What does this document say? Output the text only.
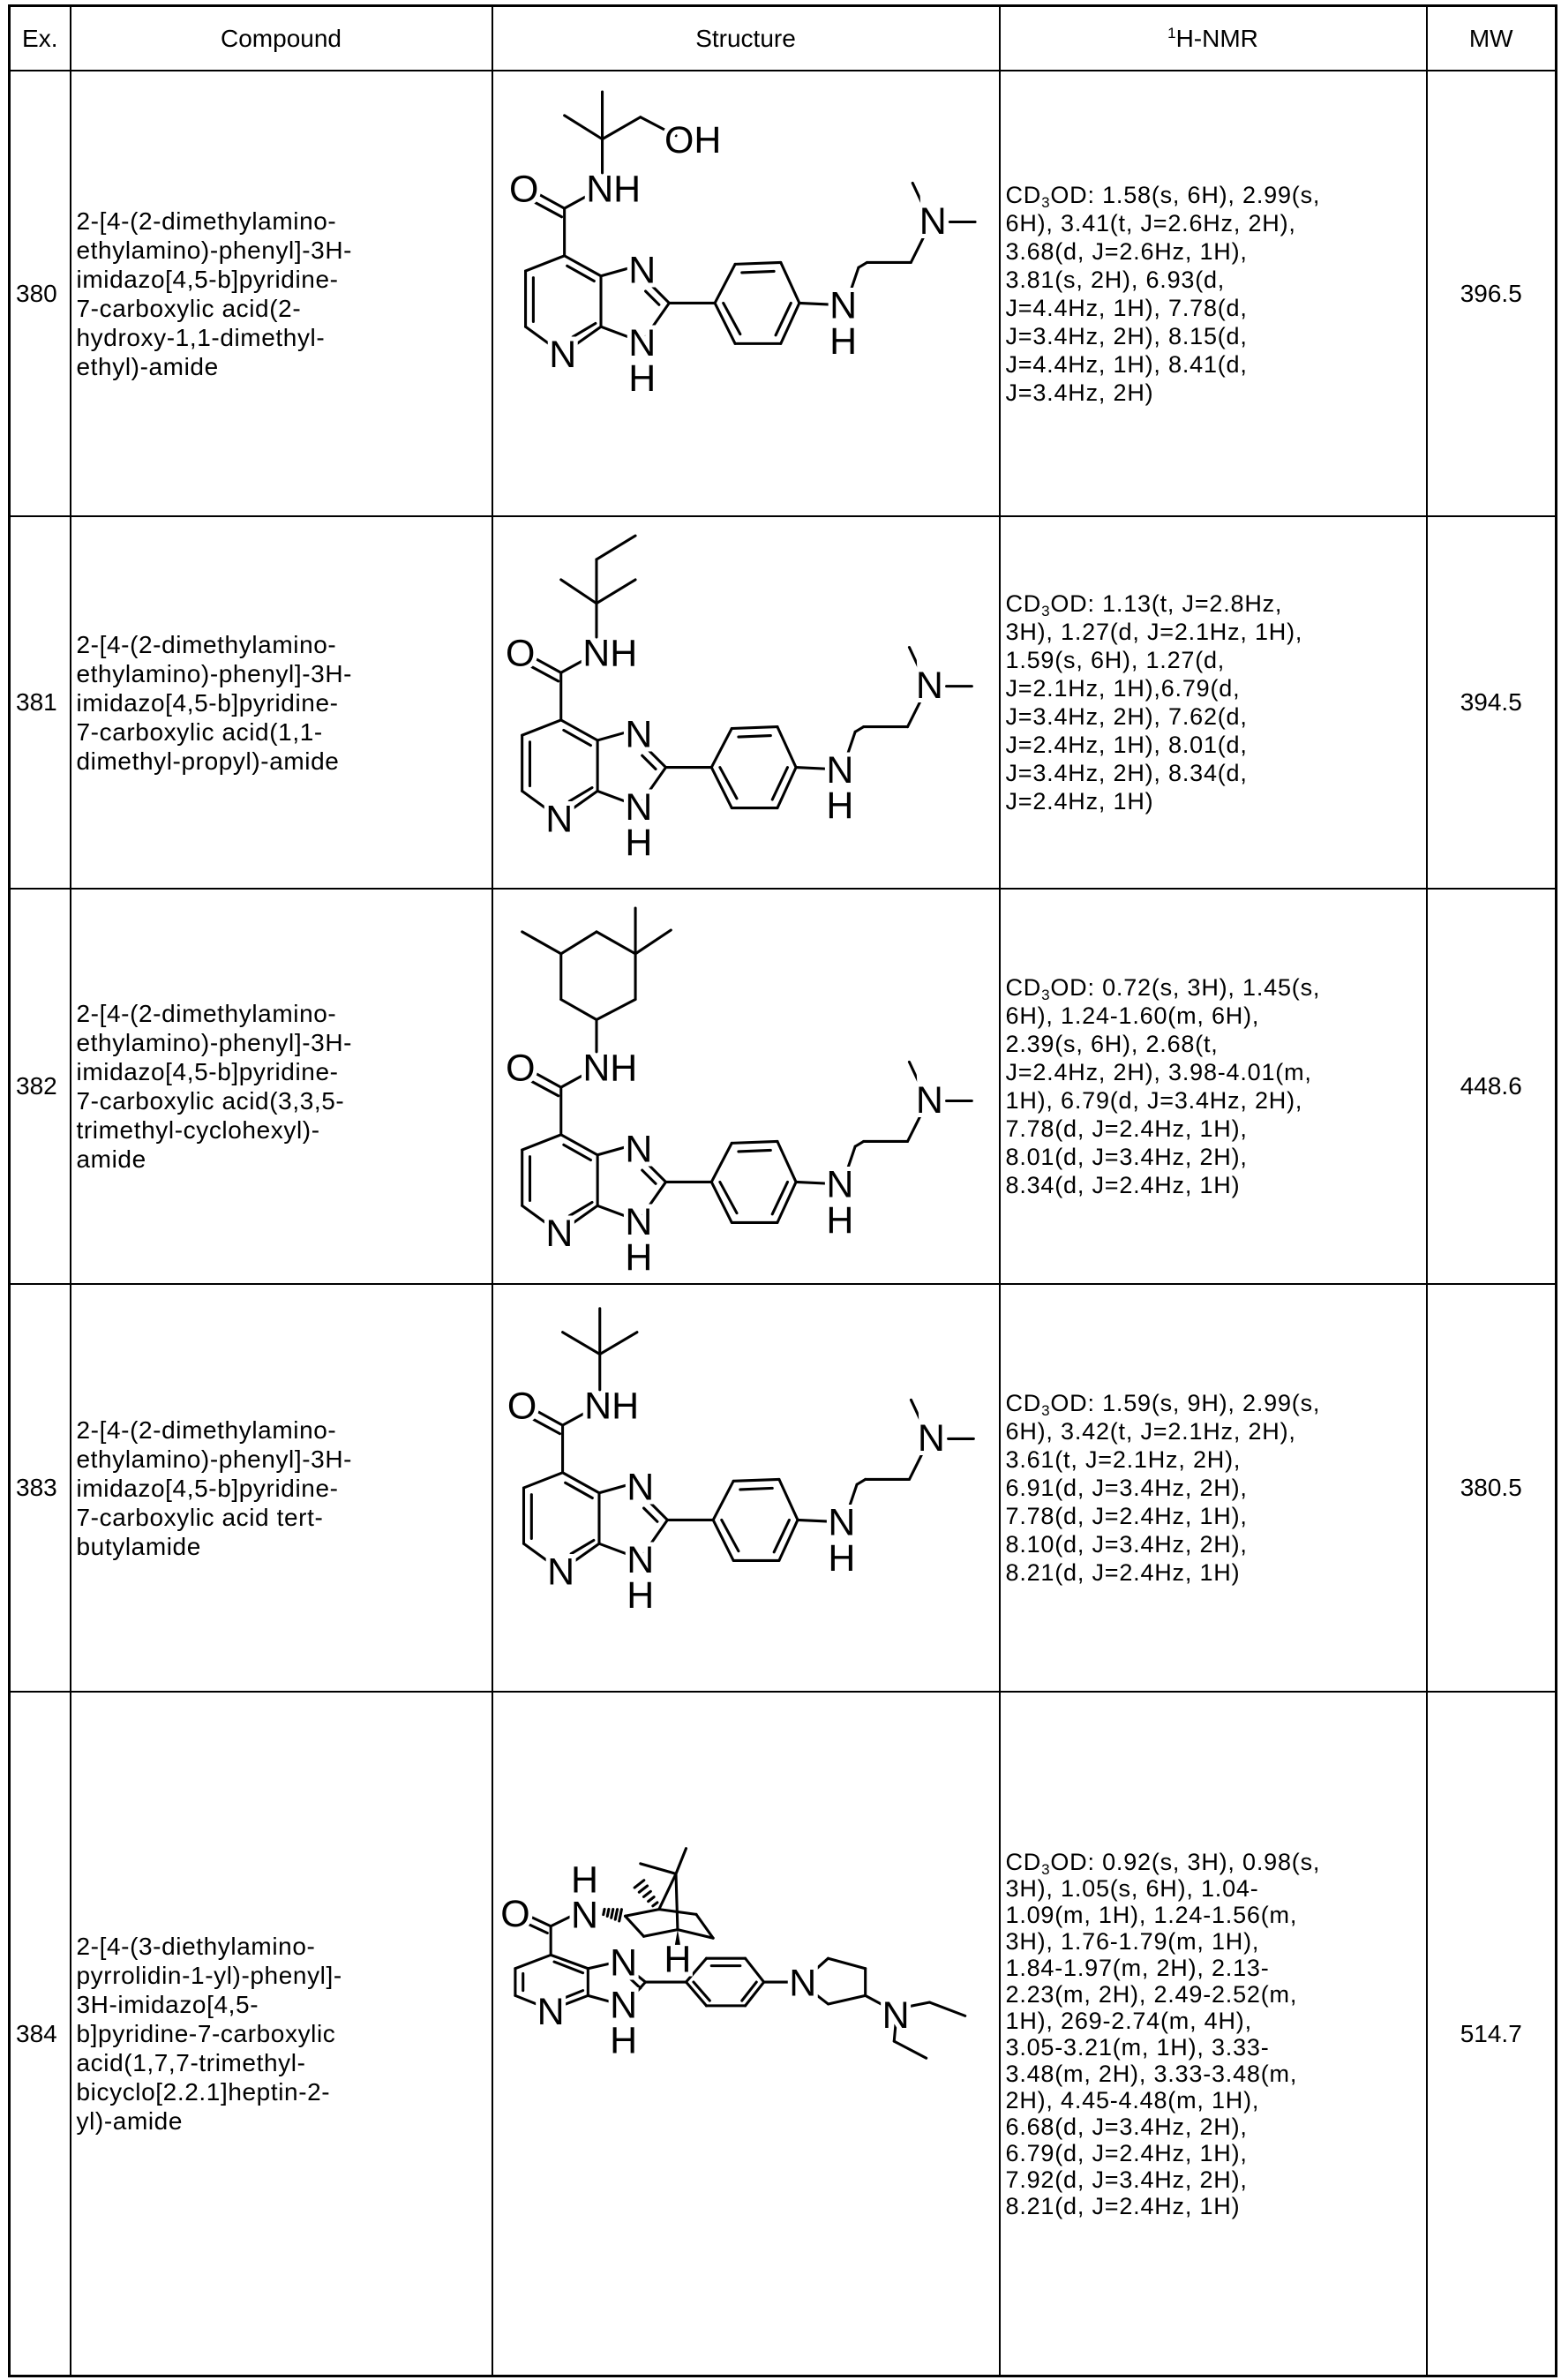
Ex.	Compound	Structure	1H-NMR	MW
380	2-[4-(2-dimethylamino-
ethylamino)-phenyl]-3H-
imidazo[4,5-b]pyridine-
7-carboxylic acid(2-
hydroxy-1,1-dimethyl-
ethyl)-amide	
O NH
N
NH
N
NH
N
OH
	CD3OD: 1.58(s, 6H), 2.99(s,
6H), 3.41(t, J=2.6Hz, 2H),
3.68(d, J=2.6Hz, 1H),
3.81(s, 2H), 6.93(d,
J=4.4Hz, 1H), 7.78(d,
J=3.4Hz, 2H), 8.15(d,
J=4.4Hz, 1H), 8.41(d,
J=3.4Hz, 2H)	396.5
381	2-[4-(2-dimethylamino-
ethylamino)-phenyl]-3H-
imidazo[4,5-b]pyridine-
7-carboxylic acid(1,1-
dimethyl-propyl)-amide	
O NH
N
NH
N
NH
N
	CD3OD: 1.13(t, J=2.8Hz,
3H), 1.27(d, J=2.1Hz, 1H),
1.59(s, 6H), 1.27(d,
J=2.1Hz, 1H),6.79(d,
J=3.4Hz, 2H), 7.62(d,
J=2.4Hz, 1H), 8.01(d,
J=3.4Hz, 2H), 8.34(d,
J=2.4Hz, 1H)	394.5
382	2-[4-(2-dimethylamino-
ethylamino)-phenyl]-3H-
imidazo[4,5-b]pyridine-
7-carboxylic acid(3,3,5-
trimethyl-cyclohexyl)-
amide	
O NH
N
NH
N
NH
N
	CD3OD: 0.72(s, 3H), 1.45(s,
6H), 1.24-1.60(m, 6H),
2.39(s, 6H), 2.68(t,
J=2.4Hz, 2H), 3.98-4.01(m,
1H), 6.79(d, J=3.4Hz, 2H),
7.78(d, J=2.4Hz, 1H),
8.01(d, J=3.4Hz, 2H),
8.34(d, J=2.4Hz, 1H)	448.6
383	2-[4-(2-dimethylamino-
ethylamino)-phenyl]-3H-
imidazo[4,5-b]pyridine-
7-carboxylic acid tert-
butylamide	
O NH
N
NH
N
NH
N
	CD3OD: 1.59(s, 9H), 2.99(s,
6H), 3.42(t, J=2.1Hz, 2H),
3.61(t, J=2.1Hz, 2H),
6.91(d, J=3.4Hz, 2H),
7.78(d, J=2.4Hz, 1H),
8.10(d, J=3.4Hz, 2H),
8.21(d, J=2.4Hz, 1H)	380.5
384	2-[4-(3-diethylamino-
pyrrolidin-1-yl)-phenyl]-
3H-imidazo[4,5-
b]pyridine-7-carboxylic
acid(1,7,7-trimethyl-
bicyclo[2.2.1]heptin-2-
yl)-amide	
O
HN
N
NH
N
H
N
N
	CD3OD: 0.92(s, 3H), 0.98(s,
3H), 1.05(s, 6H), 1.04-
1.09(m, 1H), 1.24-1.56(m,
3H), 1.76-1.79(m, 1H),
1.84-1.97(m, 2H), 2.13-
2.23(m, 2H), 2.49-2.52(m,
1H), 269-2.74(m, 4H),
3.05-3.21(m, 1H), 3.33-
3.48(m, 2H), 3.33-3.48(m,
2H), 4.45-4.48(m, 1H),
6.68(d, J=3.4Hz, 2H),
6.79(d, J=2.4Hz, 1H),
7.92(d, J=3.4Hz, 2H),
8.21(d, J=2.4Hz, 1H)	514.7
